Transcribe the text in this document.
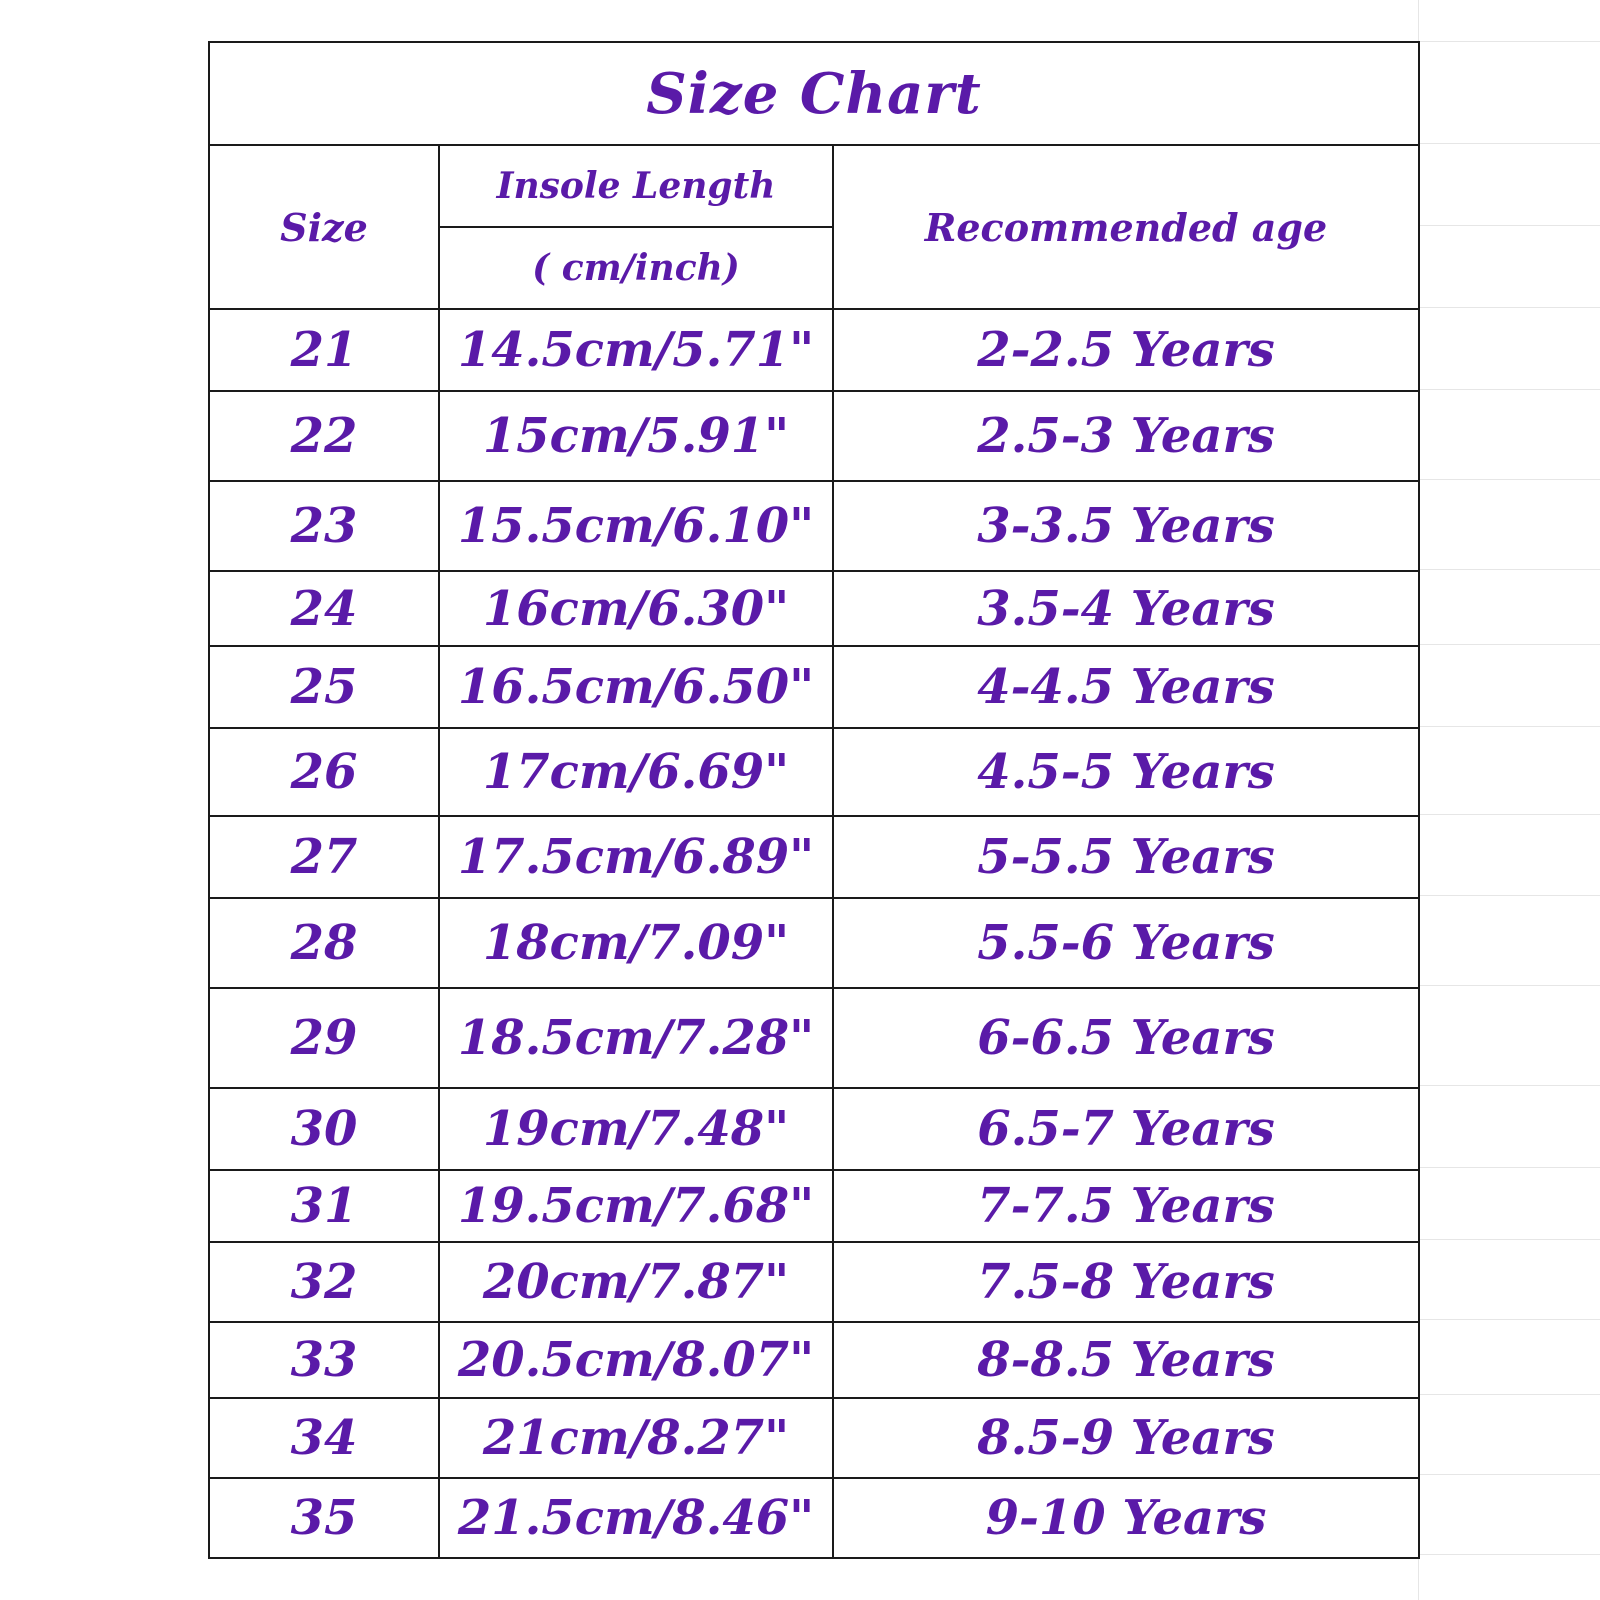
Size Chart		
Size	Insole Length	Recommended age
	( cm/inch)	
21	14.5cm/5.71"	2-2.5 Years
22	15cm/5.91"	2.5-3 Years
23	15.5cm/6.10"	3-3.5 Years
24	16cm/6.30"	3.5-4 Years
25	16.5cm/6.50"	4-4.5 Years
26	17cm/6.69"	4.5-5 Years
27	17.5cm/6.89"	5-5.5 Years
28	18cm/7.09"	5.5-6 Years
29	18.5cm/7.28"	6-6.5 Years
30	19cm/7.48"	6.5-7 Years
31	19.5cm/7.68"	7-7.5 Years
32	20cm/7.87"	7.5-8 Years
33	20.5cm/8.07"	8-8.5 Years
34	21cm/8.27"	8.5-9 Years
35	21.5cm/8.46"	9-10 Years
